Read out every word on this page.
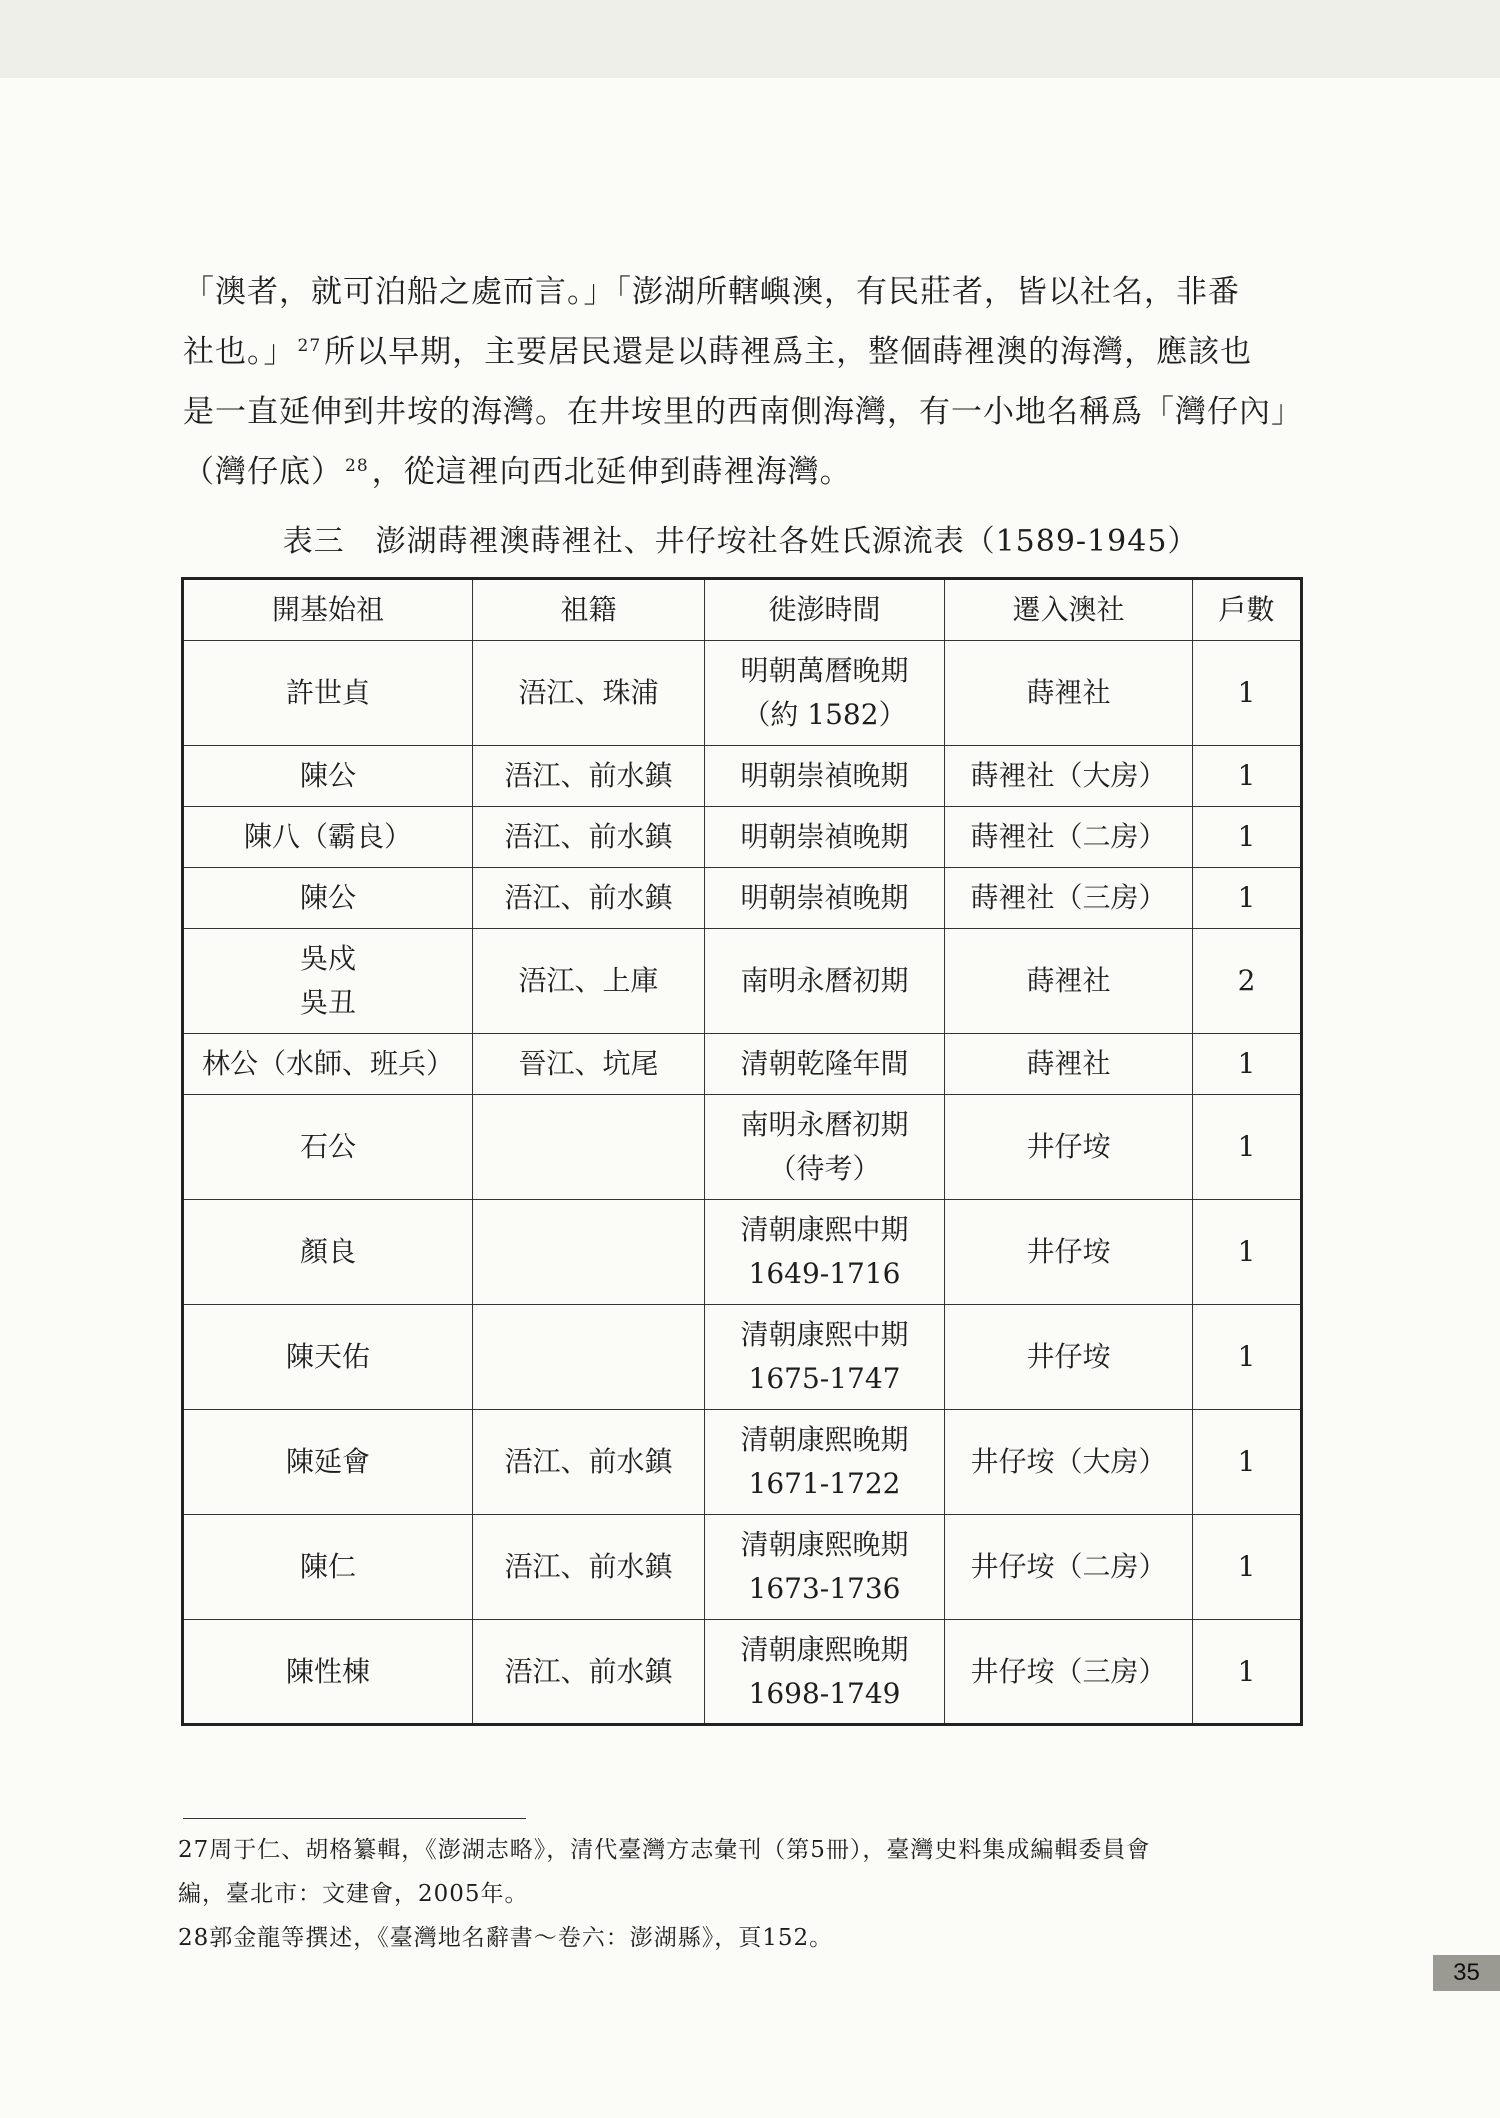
「澳者，就可泊船之處而言。」「澎湖所轄嶼澳，有民莊者，皆以社名，非番

社也。」 $^{27}$所以早期，主要居民還是以蒔裡爲主，整個蒔裡澳的海灣，應該也

是一直延伸到井垵的海灣。在井垵里的西南側海灣，有一小地名稱爲「灣仔內」

（灣仔底） $^{28}$，從這裡向西北延伸到蒔裡海灣。

表三　澎湖蒔裡澳蒔裡社、井仔垵社各姓氏源流表（1589-1945）
開基始祖	祖籍	徙澎時間	遷入澳社	戶數

許世貞	浯江、珠浦	明朝萬曆晚期
（約 1582）	蒔裡社	1

陳公	浯江、前水鎮	明朝崇禎晚期	蒔裡社（大房）	1

陳八（霸良）	浯江、前水鎮	明朝崇禎晚期	蒔裡社（二房）	1

陳公	浯江、前水鎮	明朝崇禎晚期	蒔裡社（三房）	1

吳戍
吳丑	浯江、上庫	南明永曆初期	蒔裡社	2

林公（水師、班兵）	晉江、坑尾	清朝乾隆年間	蒔裡社	1

石公		南明永曆初期
（待考）	井仔垵	1

顏良		清朝康熙中期
1649-1716	井仔垵	1

陳天佑		清朝康熙中期
1675-1747	井仔垵	1

陳延會	浯江、前水鎮	清朝康熙晚期
1671-1722	井仔垵（大房）	1

陳仁	浯江、前水鎮	清朝康熙晚期
1673-1736	井仔垵（二房）	1

陳性棟	浯江、前水鎮	清朝康熙晚期
1698-1749	井仔垵（三房）	1

27周于仁、胡格纂輯，《澎湖志略》，清代臺灣方志彙刊（第5冊），臺灣史料集成編輯委員會

編，臺北市：文建會，2005年。

28郭金龍等撰述，《臺灣地名辭書～卷六：澎湖縣》，頁152。

35
